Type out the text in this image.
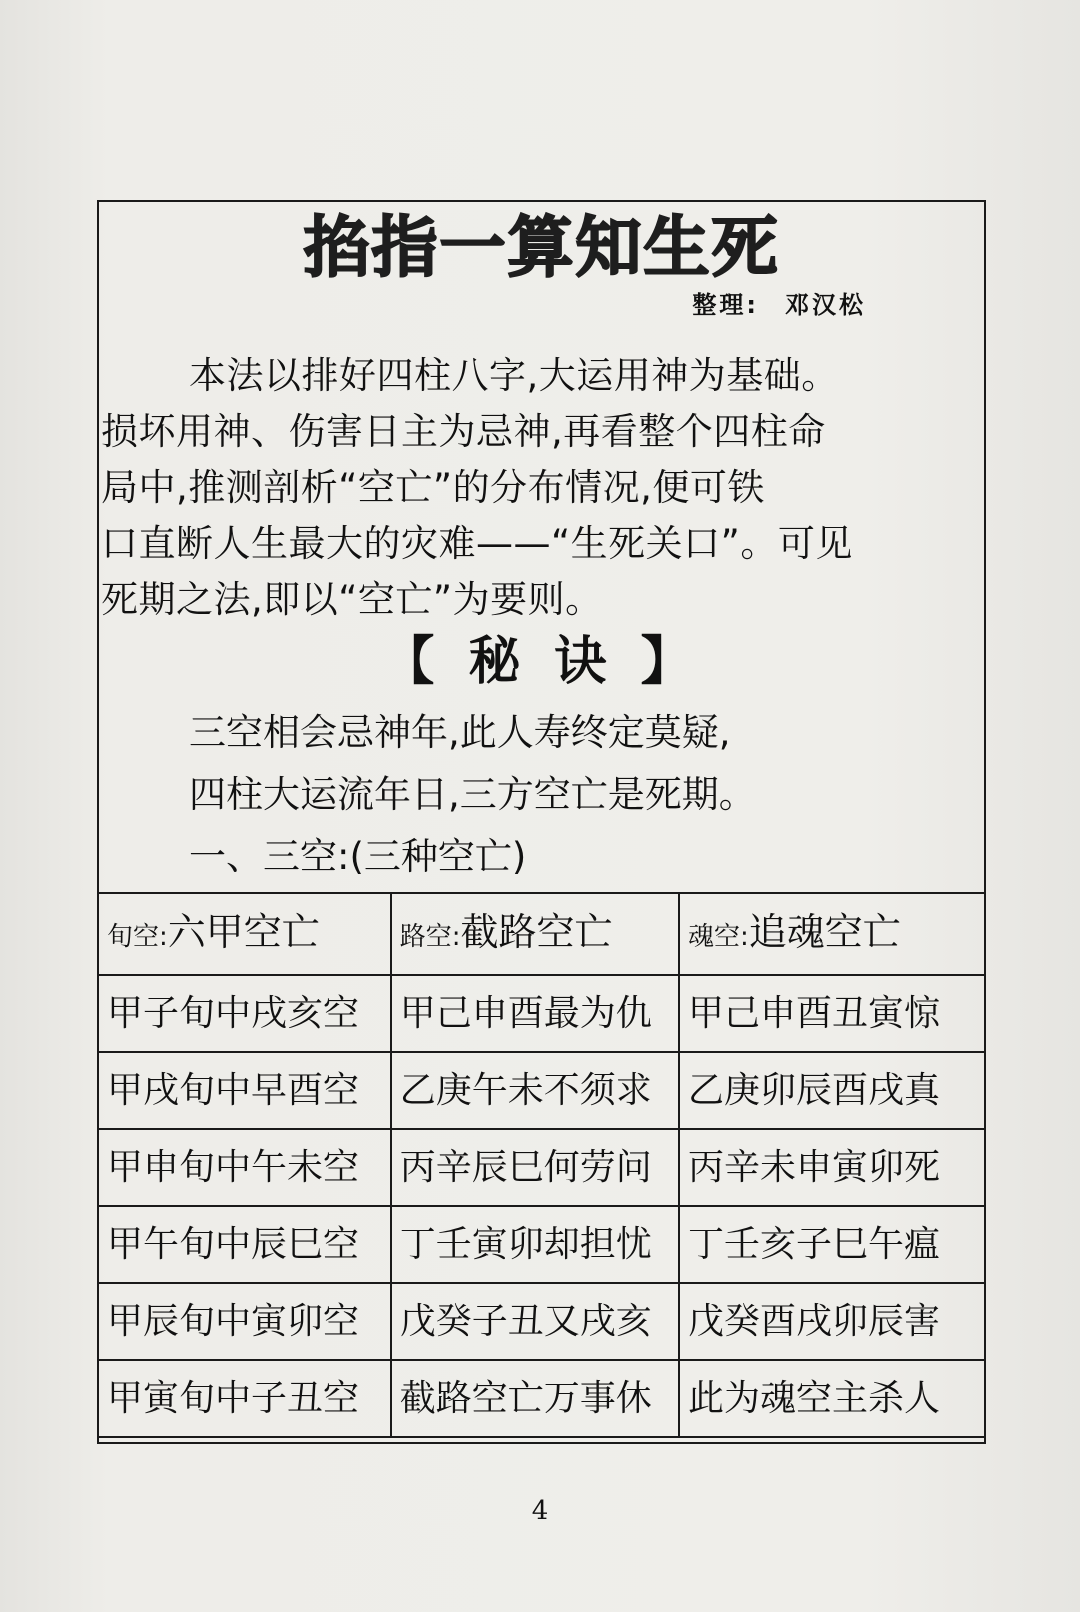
掐指一算知生死
整理: 邓汉松
本法以排好四柱八字,大运用神为基础。
损坏用神、伤害日主为忌神,再看整个四柱命
局中,推测剖析“空亡”的分布情况,便可铁
口直断人生最大的灾难——“生死关口”。可见
死期之法,即以“空亡”为要则。
【 秘 诀 】
三空相会忌神年,此人寿终定莫疑,
四柱大运流年日,三方空亡是死期。
一、三空:(三种空亡)
旬空:六甲空亡	路空:截路空亡	魂空:追魂空亡
甲子旬中戌亥空	甲己申酉最为仇	甲己申酉丑寅惊
甲戌旬中早酉空	乙庚午未不须求	乙庚卯辰酉戌真
甲申旬中午未空	丙辛辰巳何劳问	丙辛未申寅卯死
甲午旬中辰巳空	丁壬寅卯却担忧	丁壬亥子巳午瘟
甲辰旬中寅卯空	戊癸子丑又戌亥	戊癸酉戌卯辰害
甲寅旬中子丑空	截路空亡万事休	此为魂空主杀人
4
